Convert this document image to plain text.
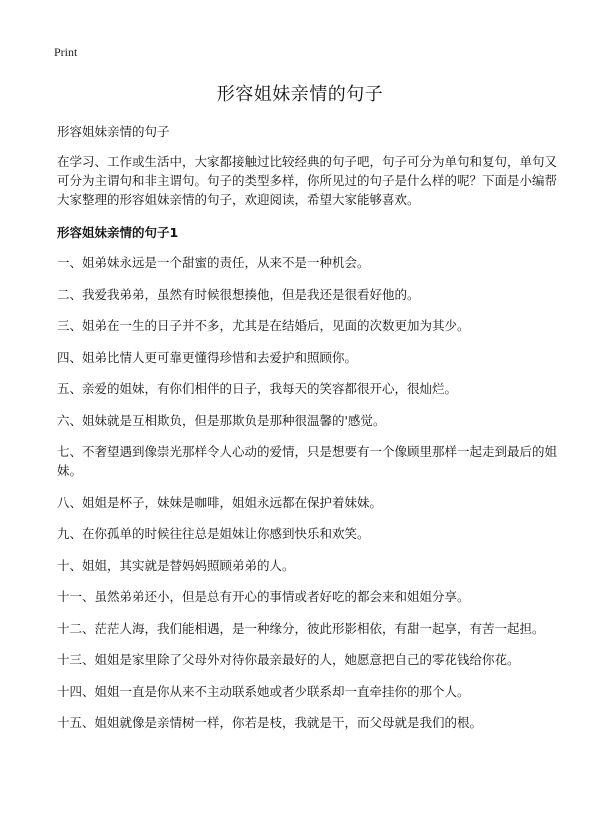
Print
形容姐妹亲情的句子

形容姐妹亲情的句子

在学习、工作或生活中，大家都接触过比较经典的句子吧，句子可分为单句和复句，单句又可分为主谓句和非主谓句。句子的类型多样，你所见过的句子是什么样的呢？下面是小编帮大家整理的形容姐妹亲情的句子，欢迎阅读，希望大家能够喜欢。

形容姐妹亲情的句子1

一、姐弟妹永远是一个甜蜜的责任，从来不是一种机会。

二、我爱我弟弟，虽然有时候很想揍他，但是我还是很看好他的。

三、姐弟在一生的日子并不多，尤其是在结婚后，见面的次数更加为其少。

四、姐弟比情人更可靠更懂得珍惜和去爱护和照顾你。

五、亲爱的姐妹，有你们相伴的日子，我每天的笑容都很开心，很灿烂。

六、姐妹就是互相欺负，但是那欺负是那种很温馨的'感觉。

七、不奢望遇到像崇光那样令人心动的爱情，只是想要有一个像顾里那样一起走到最后的姐妹。

八、姐姐是杯子，妹妹是咖啡，姐姐永远都在保护着妹妹。

九、在你孤单的时候往往总是姐妹让你感到快乐和欢笑。

十、姐姐，其实就是替妈妈照顾弟弟的人。

十一、虽然弟弟还小，但是总有开心的事情或者好吃的都会来和姐姐分享。

十二、茫茫人海，我们能相遇，是一种缘分，彼此形影相依，有甜一起享，有苦一起担。

十三、姐姐是家里除了父母外对待你最亲最好的人，她愿意把自己的零花钱给你花。

十四、姐姐一直是你从来不主动联系她或者少联系却一直牵挂你的那个人。

十五、姐姐就像是亲情树一样，你若是枝，我就是干，而父母就是我们的根。
